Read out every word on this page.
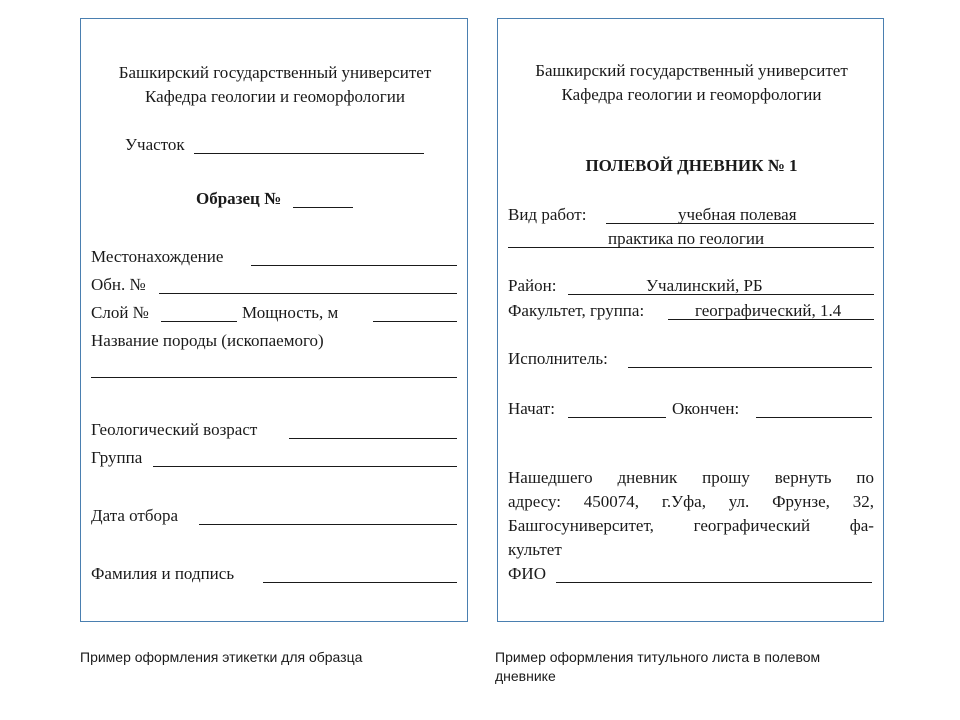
Башкирский государственный университет
Кафедра геологии и геоморфологии
Участок
Образец №
Местонахождение
Обн. №
Слой №	Мощность, м
Название породы (ископаемого)
Геологический возраст
Группа
Дата отбора
Фамилия и подпись
Башкирский государственный университет
Кафедра геологии и геоморфологии
ПОЛЕВОЙ ДНЕВНИК № 1
Вид работ:	учебная полевая
практика по геологии
Район:	Учалинский, РБ
Факультет, группа:	географический, 1.4
Исполнитель:
Начат:	Окончен:
Нашедшего дневник прошу вернуть по
адресу: 450074, г.Уфа, ул. Фрунзе, 32,
Башгосуниверситет, географический фа-
культет
ФИО
Пример оформления этикетки для образца	Пример оформления титульного листа в полевом
дневнике
